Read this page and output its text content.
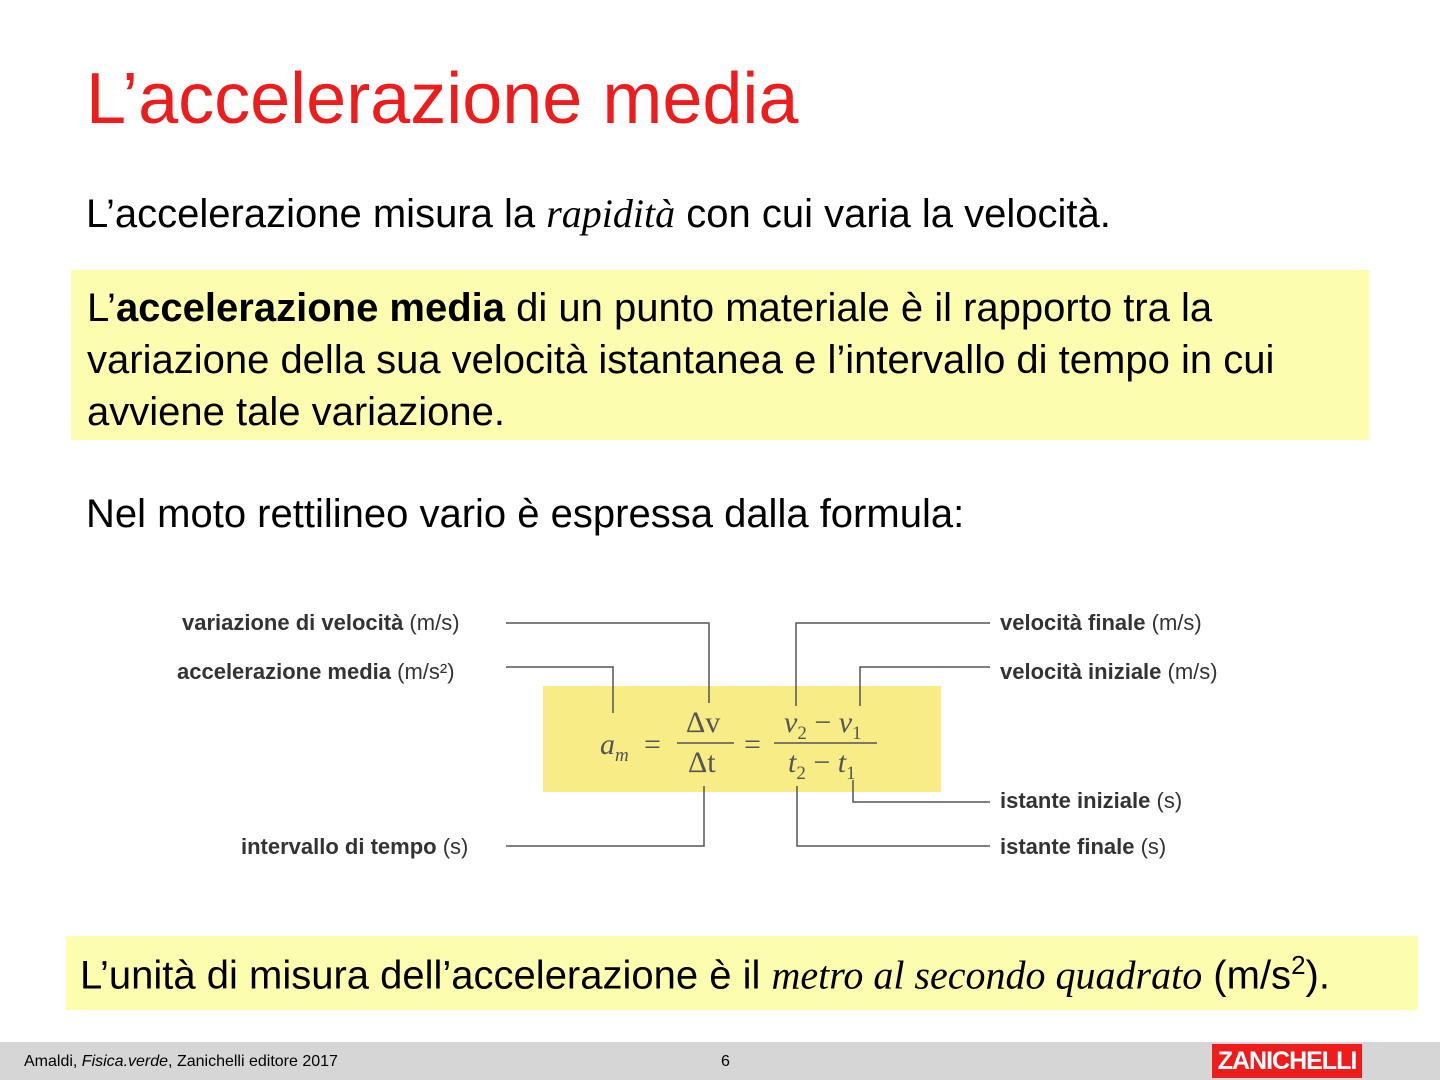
L’accelerazione media
L’accelerazione misura la rapidità con cui varia la velocità.
L’accelerazione media di un punto materiale è il rapporto tra la variazione della sua velocità istantanea e l’intervallo di tempo in cui avviene tale variazione.
Nel moto rettilineo vario è espressa dalla formula:
variazione di velocità (m/s)
accelerazione media (m/s²)
intervallo di tempo (s)
velocità finale (m/s)
velocità iniziale (m/s)
istante iniziale (s)
istante finale (s)
$a_m$ =
Δv
Δt
=
$v_2 - v_1$
$t_2 - t_1$
L’unità di misura dell’accelerazione è il metro al secondo quadrato $(m/s^2)$.
Amaldi, Fisica.verde, Zanichelli editore 2017	6	ZANICHELLI
